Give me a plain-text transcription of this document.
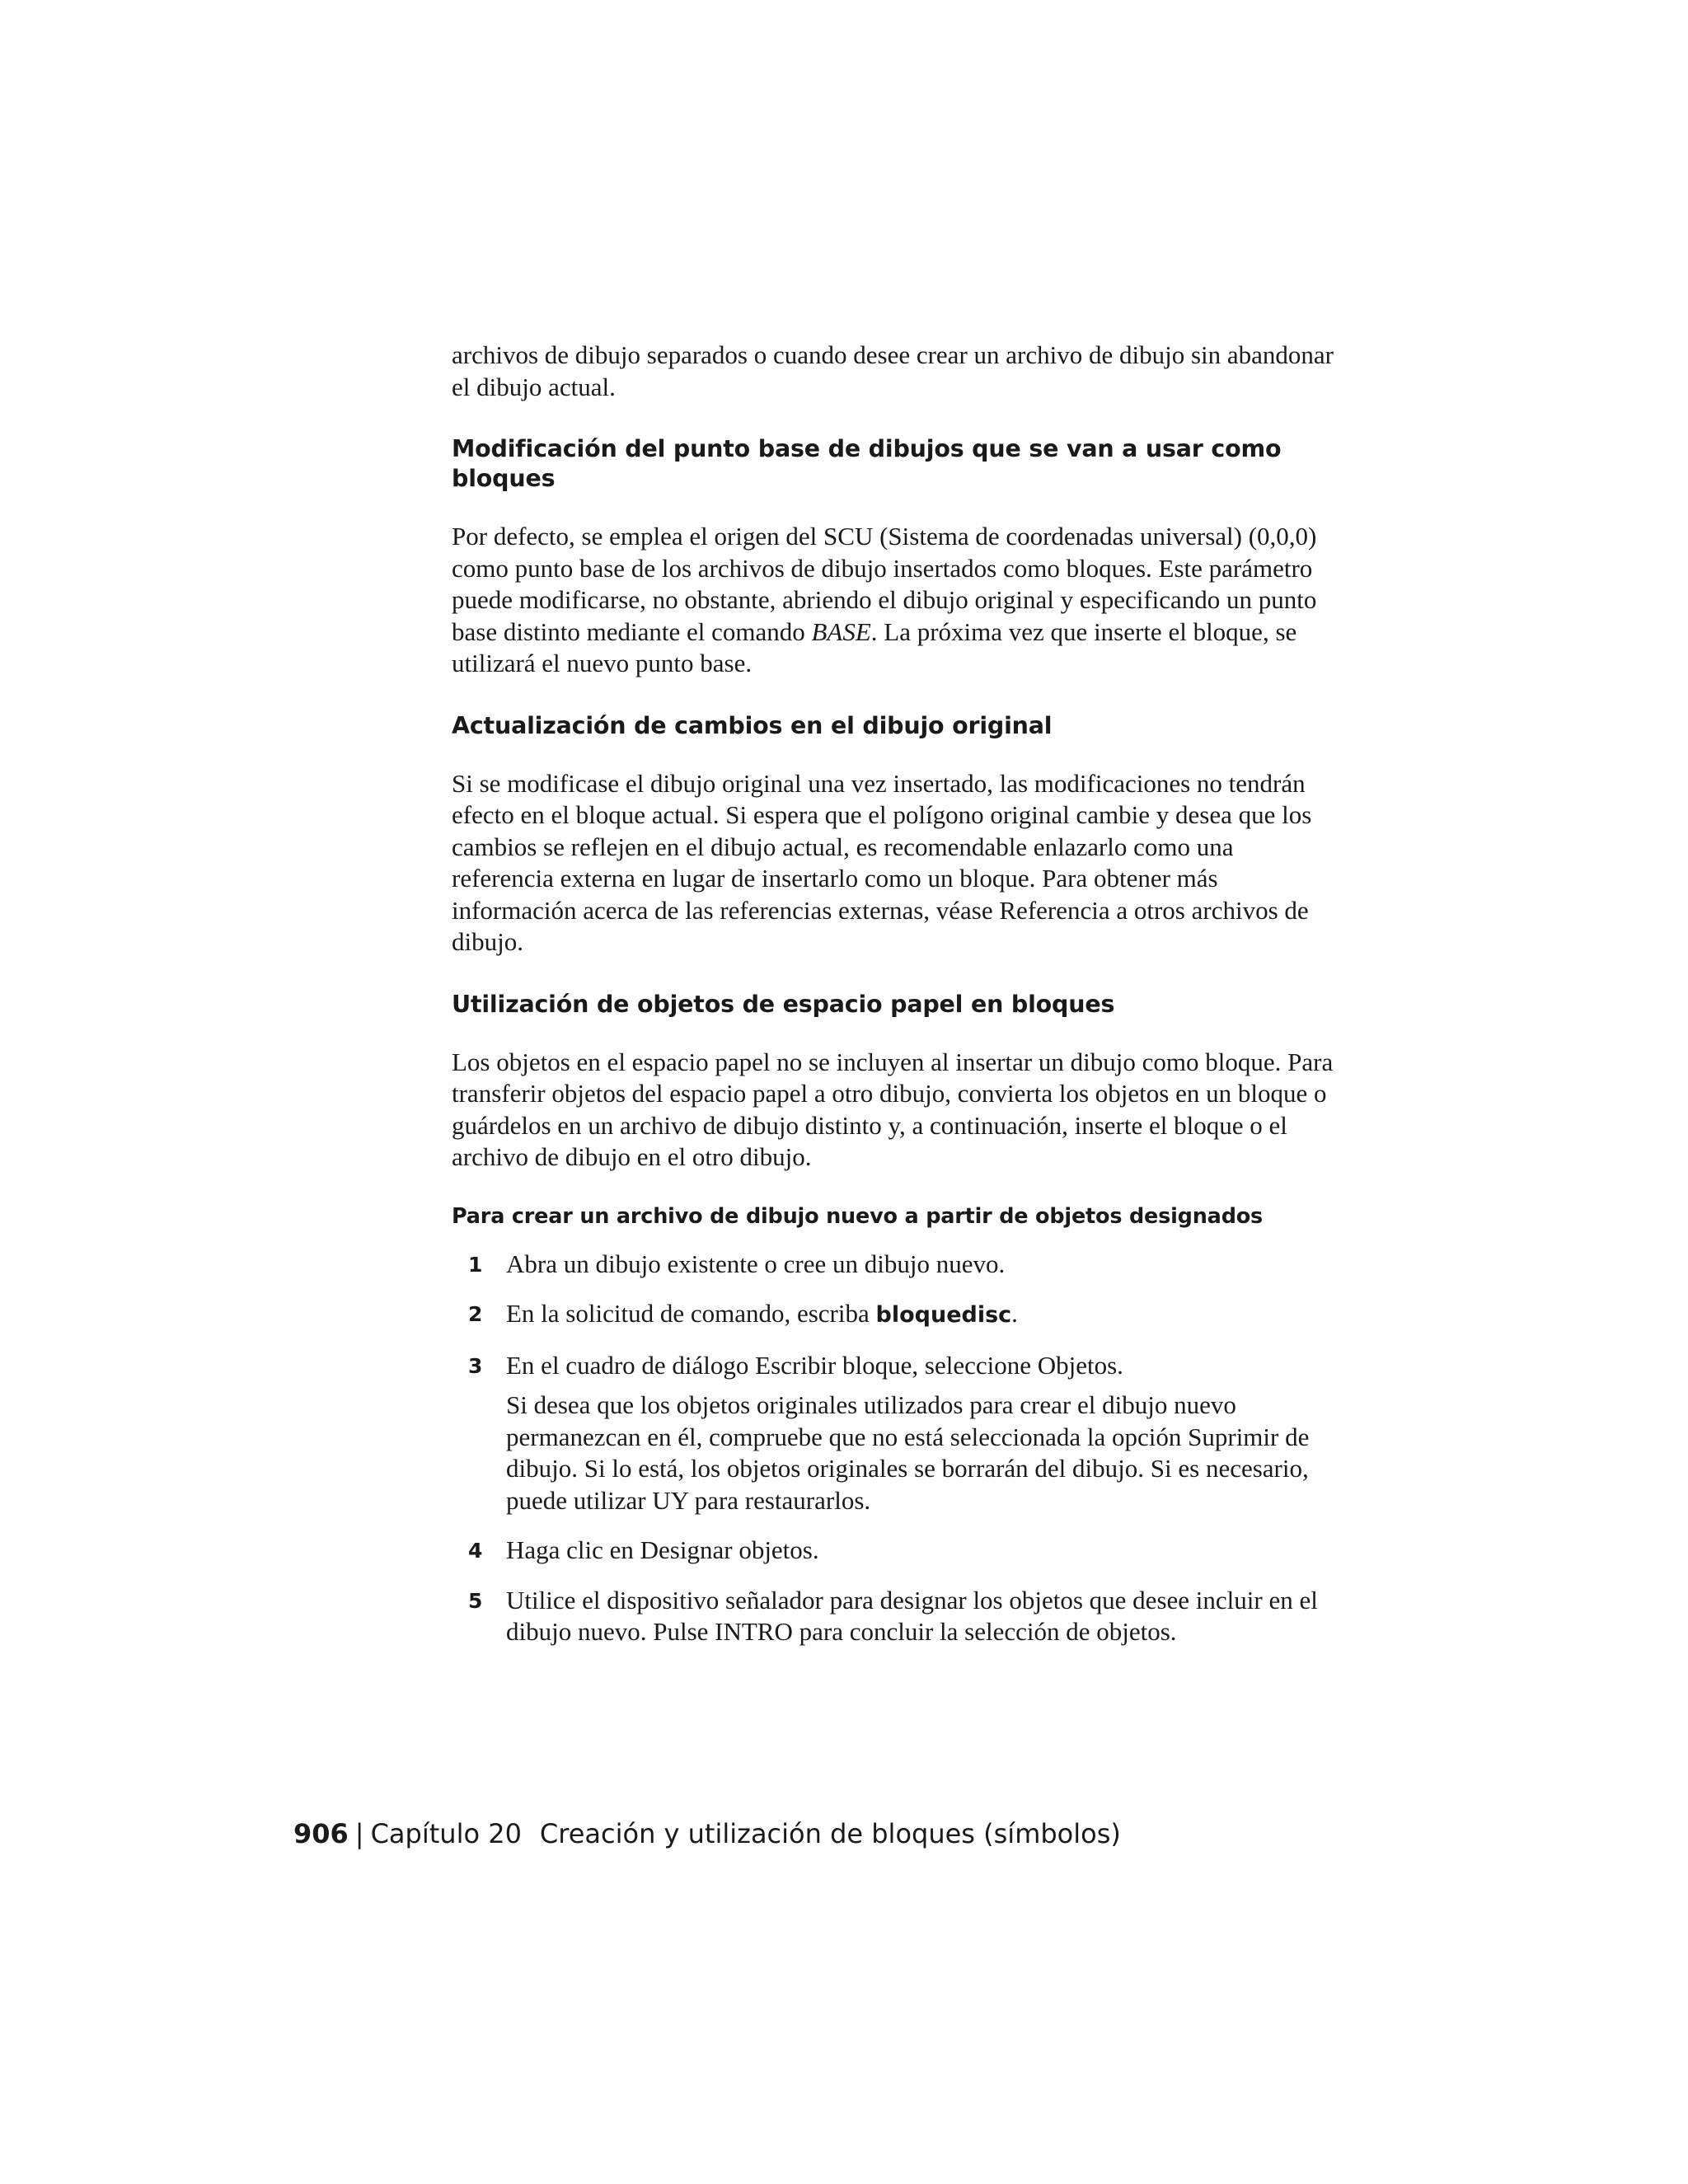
archivos de dibujo separados o cuando desee crear un archivo de dibujo sin abandonar el dibujo actual.

Modificación del punto base de dibujos que se van a usar como bloques

Por defecto, se emplea el origen del SCU (Sistema de coordenadas universal) (0,0,0) como punto base de los archivos de dibujo insertados como bloques. Este parámetro puede modificarse, no obstante, abriendo el dibujo original y especificando un punto base distinto mediante el comando BASE. La próxima vez que inserte el bloque, se utilizará el nuevo punto base.

Actualización de cambios en el dibujo original

Si se modificase el dibujo original una vez insertado, las modificaciones no tendrán efecto en el bloque actual. Si espera que el polígono original cambie y desea que los cambios se reflejen en el dibujo actual, es recomendable enlazarlo como una referencia externa en lugar de insertarlo como un bloque. Para obtener más información acerca de las referencias externas, véase Referencia a otros archivos de dibujo.

Utilización de objetos de espacio papel en bloques

Los objetos en el espacio papel no se incluyen al insertar un dibujo como bloque. Para transferir objetos del espacio papel a otro dibujo, convierta los objetos en un bloque o guárdelos en un archivo de dibujo distinto y, a continuación, inserte el bloque o el archivo de dibujo en el otro dibujo.

Para crear un archivo de dibujo nuevo a partir de objetos designados
1 Abra un dibujo existente o cree un dibujo nuevo.
2 En la solicitud de comando, escriba bloquedisc.
3 En el cuadro de diálogo Escribir bloque, seleccione Objetos.
Si desea que los objetos originales utilizados para crear el dibujo nuevo permanezcan en él, compruebe que no está seleccionada la opción Suprimir de dibujo. Si lo está, los objetos originales se borrarán del dibujo. Si es necesario, puede utilizar UY para restaurarlos.
4 Haga clic en Designar objetos.
5 Utilice el dispositivo señalador para designar los objetos que desee incluir en el dibujo nuevo. Pulse INTRO para concluir la selección de objetos.
906 | Capítulo 20 Creación y utilización de bloques (símbolos)
